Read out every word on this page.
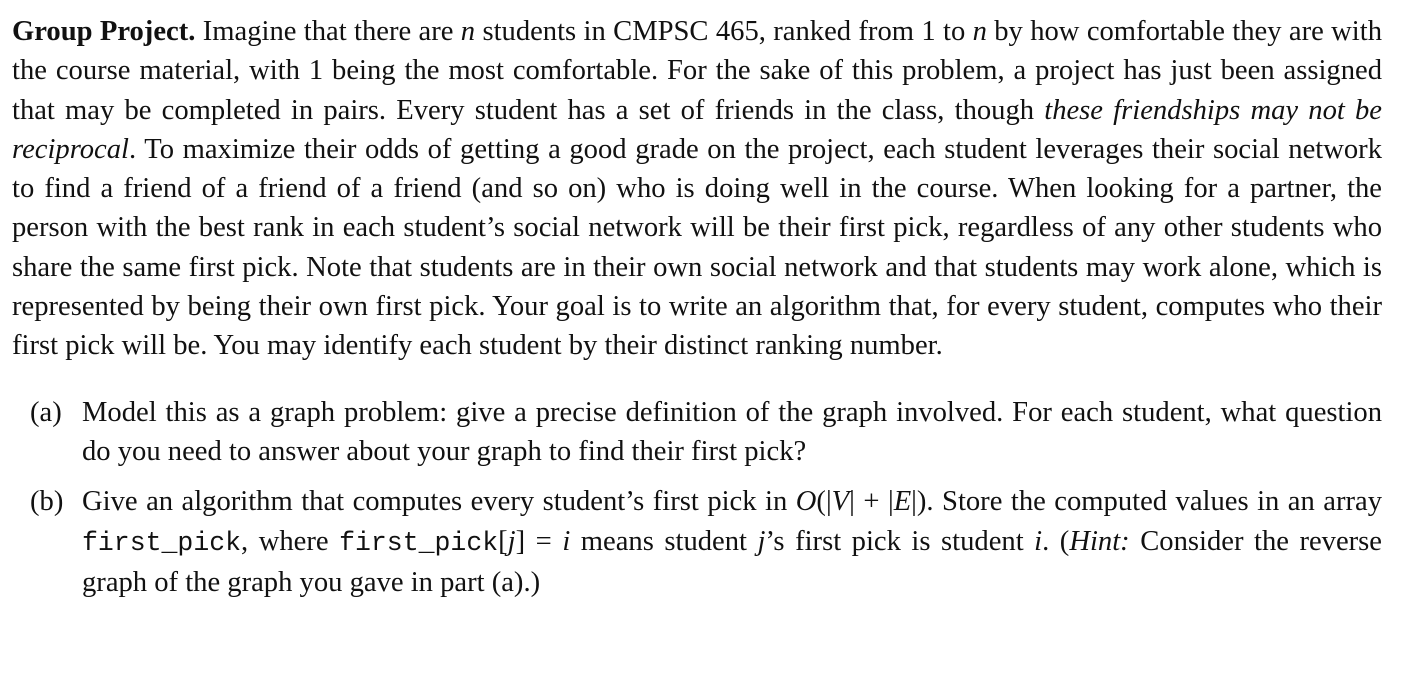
Group Project. Imagine that there are n students in CMPSC 465, ranked from 1 to n by how comfortable they are with the course material, with 1 being the most comfortable. For the sake of this problem, a project has just been assigned that may be completed in pairs. Every student has a set of friends in the class, though these friendships may not be reciprocal. To maximize their odds of getting a good grade on the project, each student leverages their social network to find a friend of a friend of a friend (and so on) who is doing well in the course. When looking for a partner, the person with the best rank in each student’s social network will be their first pick, regardless of any other students who share the same first pick. Note that students are in their own social network and that students may work alone, which is represented by being their own first pick. Your goal is to write an algorithm that, for every student, computes who their first pick will be. You may identify each student by their distinct ranking number.

(a) Model this as a graph problem: give a precise definition of the graph involved. For each student, what question do you need to answer about your graph to find their first pick?
(b) Give an algorithm that computes every student’s first pick in O(|V| + |E|). Store the computed values in an array first_pick, where first_pick[j] = i means student j’s first pick is student i. (Hint: Consider the reverse graph of the graph you gave in part (a).)
